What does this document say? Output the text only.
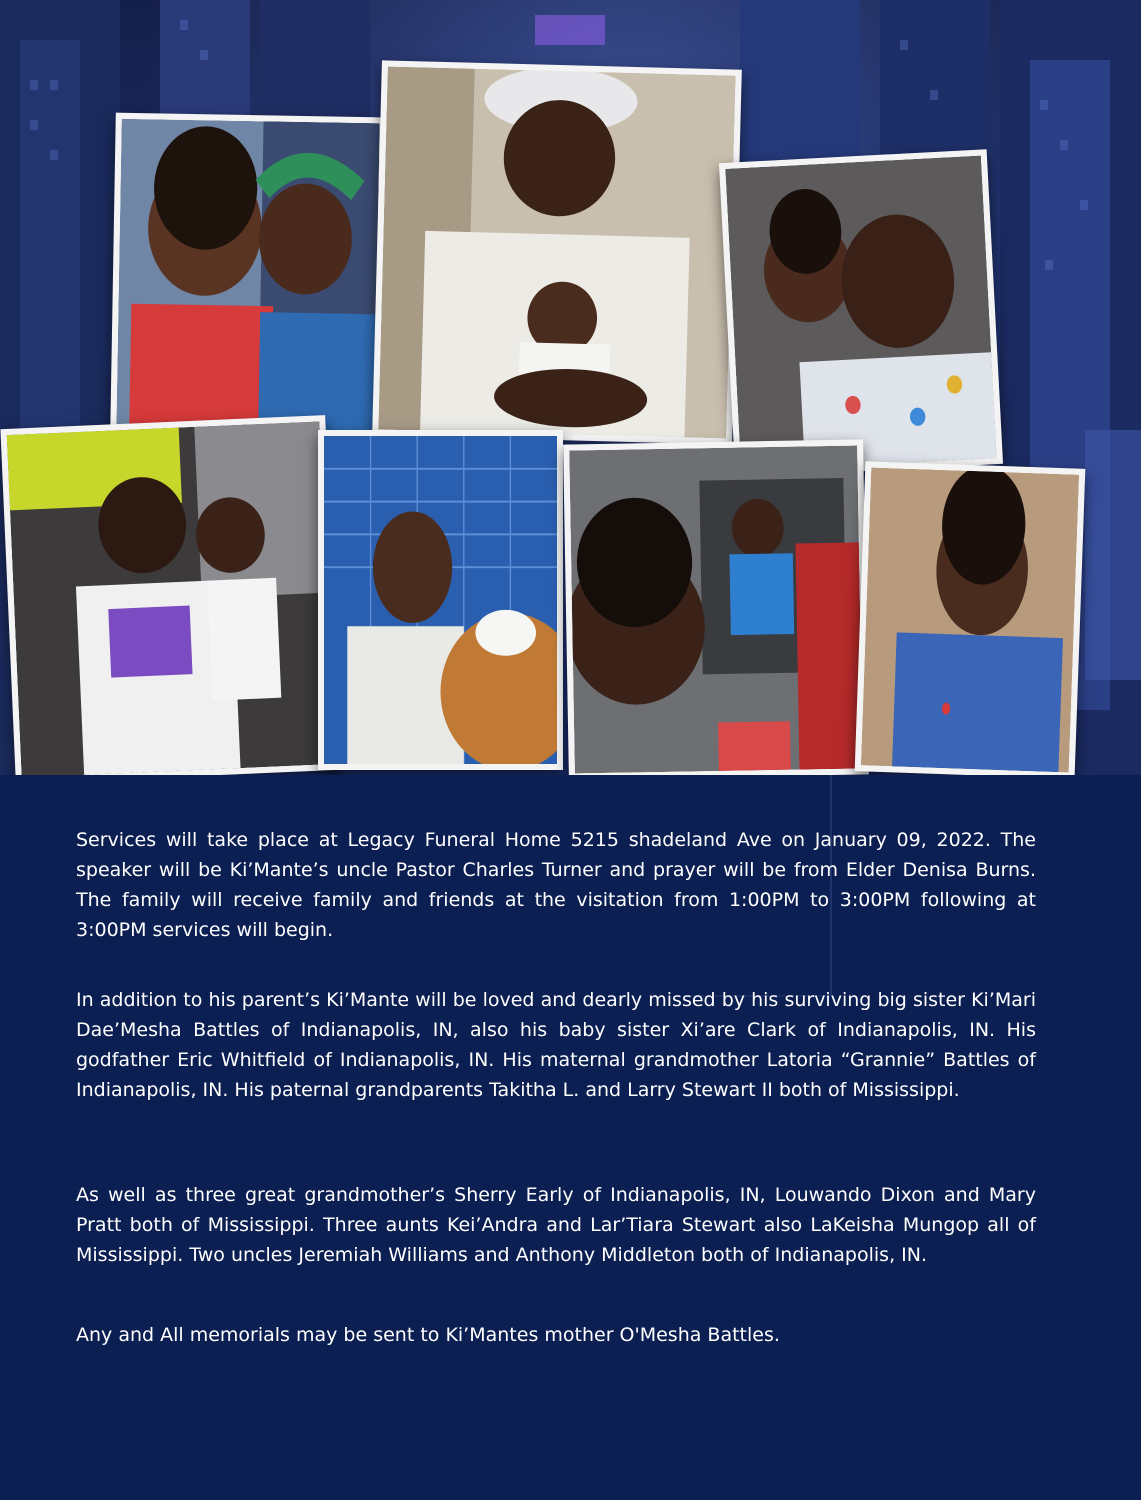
Services will take place at Legacy Funeral Home 5215 shadeland Ave on January 09, 2022. The speaker will be Ki’Mante’s uncle Pastor Charles Turner and prayer will be from Elder Denisa Burns. The family will receive family and friends at the visitation from 1:00PM to 3:00PM following at 3:00PM services will begin.

In addition to his parent’s Ki’Mante will be loved and dearly missed by his surviving big sister Ki’Mari Dae’Mesha Battles of Indianapolis, IN, also his baby sister Xi’are Clark of Indianapolis, IN. His godfather Eric Whitfield of Indianapolis, IN. His maternal grandmother Latoria “Grannie” Battles of Indianapolis, IN. His paternal grandparents Takitha L. and Larry Stewart II both of Mississippi.

As well as three great grandmother’s Sherry Early of Indianapolis, IN, Louwando Dixon and Mary Pratt both of Mississippi. Three aunts Kei’Andra and Lar’Tiara Stewart also LaKeisha Mungop all of Mississippi. Two uncles Jeremiah Williams and Anthony Middleton both of Indianapolis, IN.

Any and All memorials may be sent to Ki’Mantes mother O'Mesha Battles.
